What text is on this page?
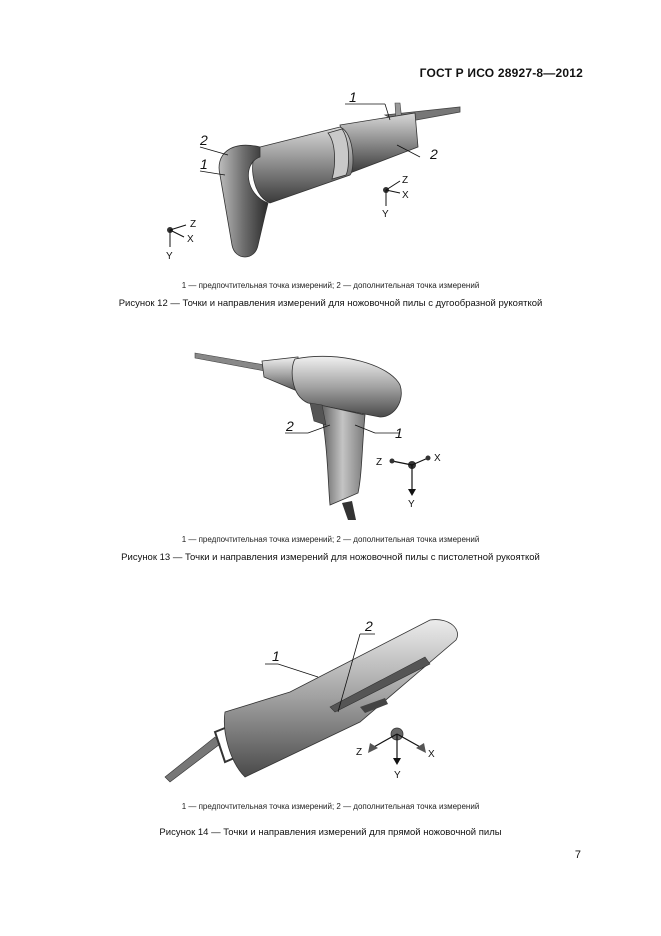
ГОСТ Р ИСО 28927-8—2012
1
2
2
1
Z
X
Y
Z
X
Y
1 — предпочтительная точка измерений; 2 — дополнительная точка измерений
Рисунок 12 — Точки и направления измерений для ножовочной пилы с дугообразной рукояткой
1
2
X
Z
Y
1 — предпочтительная точка измерений; 2 — дополнительная точка измерений
Рисунок 13 — Точки и направления измерений для ножовочной пилы с пистолетной рукояткой
1
2
Z	X
Y
1 — предпочтительная точка измерений; 2 — дополнительная точка измерений
Рисунок 14 — Точки и направления измерений для прямой ножовочной пилы
7
